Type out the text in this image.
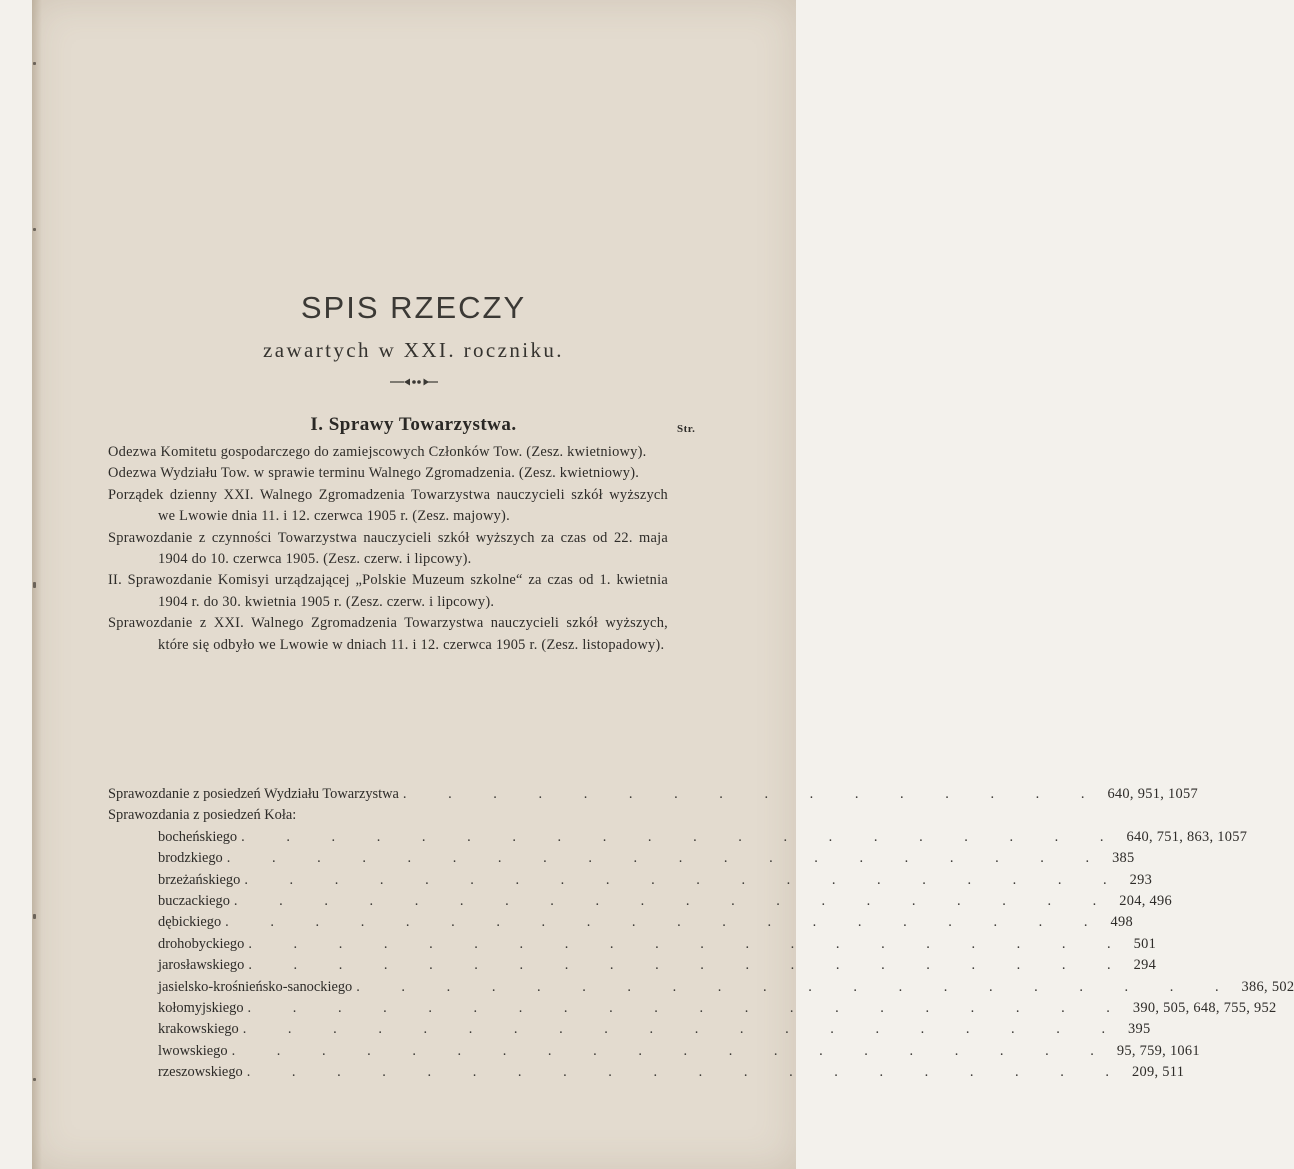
SPIS RZECZY
zawartych w XXI. roczniku.
I. Sprawy Towarzystwa.	Str.
Odezwa Komitetu gospodarczego do zamiejscowych Członków Tow. (Zesz. kwietniowy).
Odezwa Wydziału Tow. w sprawie terminu Walnego Zgromadzenia. (Zesz. kwietniowy).
Porządek dzienny XXI. Walnego Zgromadzenia Towarzystwa nauczycieli szkół wyższych we Lwowie dnia 11. i 12. czerwca 1905 r. (Zesz. majowy).
Sprawozdanie z czynności Towarzystwa nauczycieli szkół wyższych za czas od 22. maja 1904 do 10. czerwca 1905. (Zesz. czerw. i lipcowy).
II. Sprawozdanie Komisyi urządzającej „Polskie Muzeum szkolne“ za czas od 1. kwietnia 1904 r. do 30. kwietnia 1905 r. (Zesz. czerw. i lipcowy).
Sprawozdanie z XXI. Walnego Zgromadzenia Towarzystwa nauczycieli szkół wyższych, które się odbyło we Lwowie w dniach 11. i 12. czerwca 1905 r. (Zesz. listopadowy).
Sprawozdanie z posiedzeń Wydziału Towarzystwa . . . . . . . . . . . . . . . . 640, 951, 1057
Sprawozdania z posiedzeń Koła:
bocheńskiego . . . . . . . . . . . . . . . . . . . . 640, 751, 863, 1057
brodzkiego . . . . . . . . . . . . . . . . . . . . 385
brzeżańskiego . . . . . . . . . . . . . . . . . . . . 293
buczackiego . . . . . . . . . . . . . . . . . . . . 204, 496
dębickiego . . . . . . . . . . . . . . . . . . . . 498
drohobyckiego . . . . . . . . . . . . . . . . . . . . 501
jarosławskiego . . . . . . . . . . . . . . . . . . . . 294
jasielsko-krośnieńsko-sanockiego . . . . . . . . . . . . . . . . . . . . 386, 502
kołomyjskiego . . . . . . . . . . . . . . . . . . . . 390, 505, 648, 755, 952
krakowskiego . . . . . . . . . . . . . . . . . . . . 395
lwowskiego . . . . . . . . . . . . . . . . . . . . 95, 759, 1061
rzeszowskiego . . . . . . . . . . . . . . . . . . . . 209, 511
